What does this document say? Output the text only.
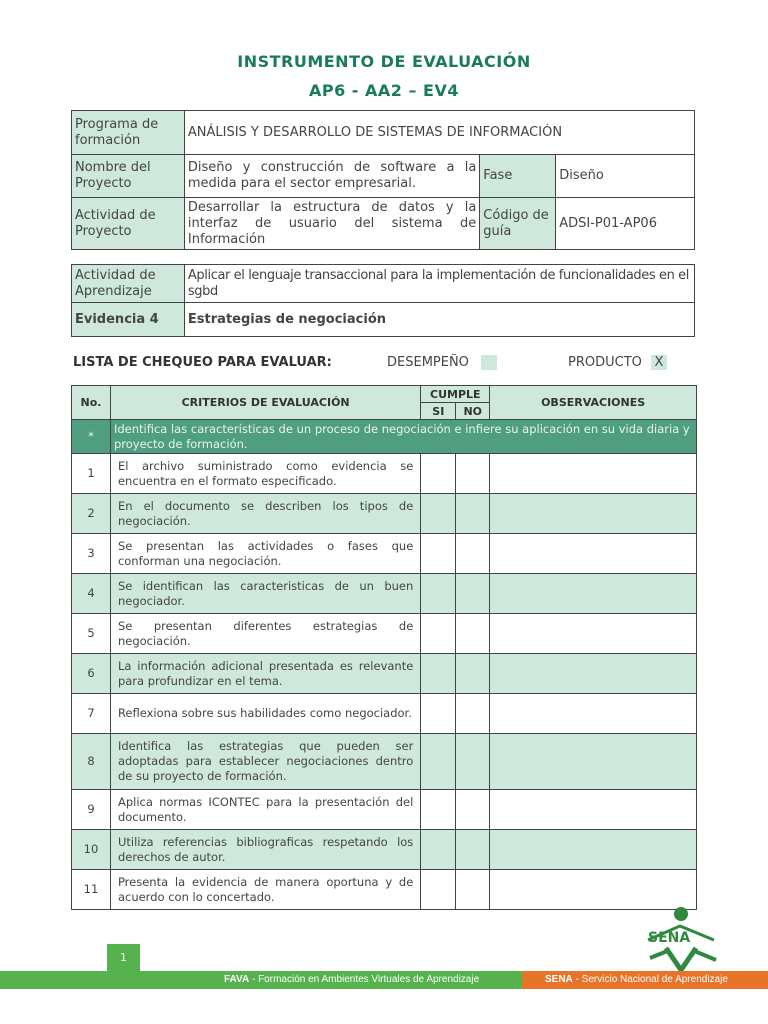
INSTRUMENTO DE EVALUACIÓN
AP6 - AA2 – EV4
Programa de formación	ANÁLISIS Y DESARROLLO DE SISTEMAS DE INFORMACIÓN		
Nombre del Proyecto	Diseño y construcción de software a la medida para el sector empresarial.	Fase	Diseño
Actividad de Proyecto	Desarrollar la estructura de datos y la interfaz de usuario del sistema de Información	Código de guía	ADSI-P01-AP06
Actividad de Aprendizaje	Aplicar el lenguaje transaccional para la implementación de funcionalidades en el sgbd
Evidencia 4	Estrategias de negociación
LISTA DE CHEQUEO PARA EVALUAR:	DESEMPEÑO	PRODUCTO X
No.	CRITERIOS DE EVALUACIÓN	CUMPLE		OBSERVACIONES
		SI	NO	
*	Identifica las características de un proceso de negociación e infiere su aplicación en su vida diaria y proyecto de formación.			
1	El archivo suministrado como evidencia se encuentra en el formato especificado.			
2	En el documento se describen los tipos de negociación.			
3	Se presentan las actividades o fases que conforman una negociación.			
4	Se identifican las caracteristicas de un buen negociador.			
5	Se presentan diferentes estrategias de negociación.			
6	La información adicional presentada es relevante para profundizar en el tema.			
7	Reflexiona sobre sus habilidades como negociador.			
8	Identifica las estrategias que pueden ser adoptadas para establecer negociaciones dentro de su proyecto de formación.			
9	Aplica normas ICONTEC para la presentación del documento.			
10	Utiliza referencias bibliograficas respetando los derechos de autor.			
11	Presenta la evidencia de manera oportuna y de acuerdo con lo concertado.			
1
SENA
FAVA - Formación en Ambientes Virtuales de Aprendizaje	SENA - Servicio Nacional de Aprendizaje
